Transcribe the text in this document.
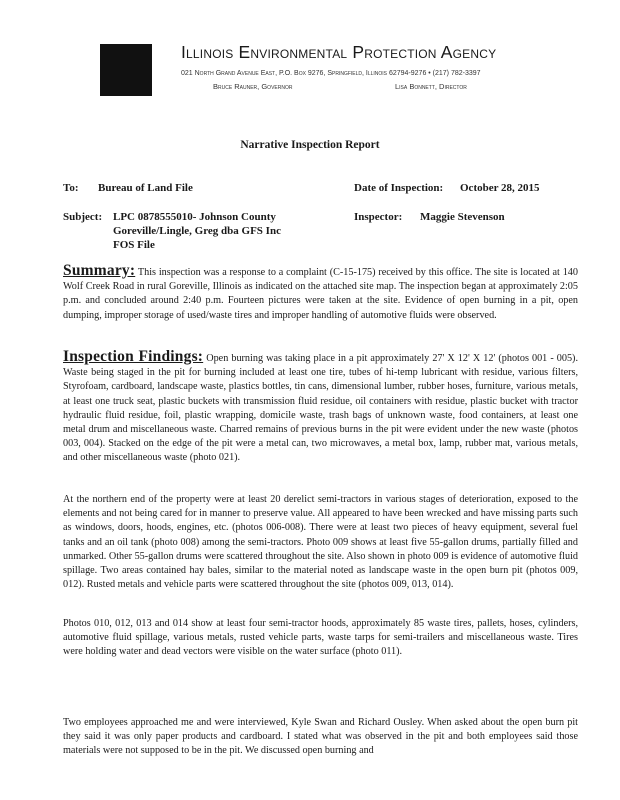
Illinois Environmental Protection Agency
021 North Grand Avenue East, P.O. Box 9276, Springfield, Illinois 62794-9276 • (217) 782-3397
Bruce Rauner, Governor	Lisa Bonnett, Director
Narrative Inspection Report
To: Bureau of Land File	Date of Inspection: October 28, 2015
Subject: LPC 0878555010- Johnson County
Goreville/Lingle, Greg dba GFS Inc
FOS File
Inspector: Maggie Stevenson
Summary: This inspection was a response to a complaint (C-15-175) received by this office. The site is located at 140 Wolf Creek Road in rural Goreville, Illinois as indicated on the attached site map. The inspection began at approximately 2:05 p.m. and concluded around 2:40 p.m. Fourteen pictures were taken at the site. Evidence of open burning in a pit, open dumping, improper storage of used/waste tires and improper handling of automotive fluids were observed.
Inspection Findings: Open burning was taking place in a pit approximately 27' X 12' X 12' (photos 001 - 005). Waste being staged in the pit for burning included at least one tire, tubes of hi-temp lubricant with residue, various filters, Styrofoam, cardboard, landscape waste, plastics bottles, tin cans, dimensional lumber, rubber hoses, furniture, various metals, at least one truck seat, plastic buckets with transmission fluid residue, oil containers with residue, plastic bucket with tractor hydraulic fluid residue, foil, plastic wrapping, domicile waste, trash bags of unknown waste, food containers, at least one metal drum and miscellaneous waste. Charred remains of previous burns in the pit were evident under the new waste (photos 003, 004). Stacked on the edge of the pit were a metal can, two microwaves, a metal box, lamp, rubber mat, various metals, and other miscellaneous waste (photo 021).
At the northern end of the property were at least 20 derelict semi-tractors in various stages of deterioration, exposed to the elements and not being cared for in manner to preserve value. All appeared to have been wrecked and have missing parts such as windows, doors, hoods, engines, etc. (photos 006-008). There were at least two pieces of heavy equipment, several fuel tanks and an oil tank (photo 008) among the semi-tractors. Photo 009 shows at least five 55-gallon drums, partially filled and unmarked. Other 55-gallon drums were scattered throughout the site. Also shown in photo 009 is evidence of automotive fluid spillage. Two areas contained hay bales, similar to the material noted as landscape waste in the open burn pit (photos 009, 012). Rusted metals and vehicle parts were scattered throughout the site (photos 009, 013, 014).
Photos 010, 012, 013 and 014 show at least four semi-tractor hoods, approximately 85 waste tires, pallets, hoses, cylinders, automotive fluid spillage, various metals, rusted vehicle parts, waste tarps for semi-trailers and miscellaneous waste. Tires were holding water and dead vectors were visible on the water surface (photo 011).
Two employees approached me and were interviewed, Kyle Swan and Richard Ousley. When asked about the open burn pit they said it was only paper products and cardboard. I stated what was observed in the pit and both employees said those materials were not supposed to be in the pit. We discussed open burning and
